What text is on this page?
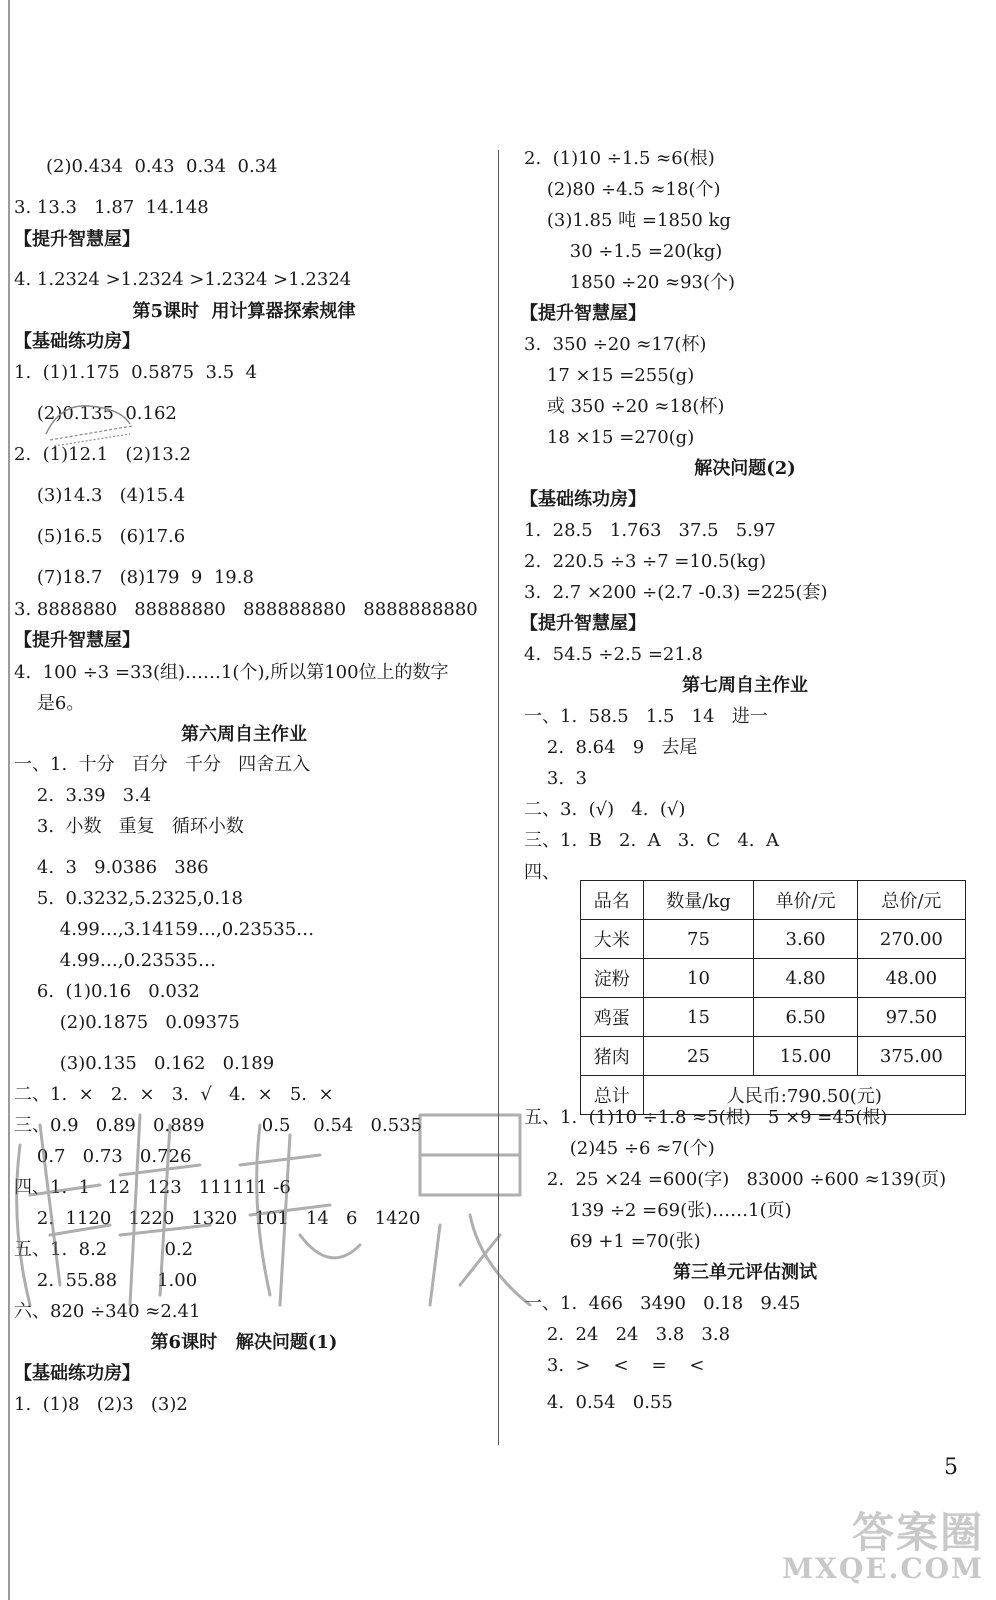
(2)0.434  0.43  0.34  0.34
3. 13.3   1.87  14.148
【提升智慧屋】
4. 1.2324 >1.2324 >1.2324 >1.2324
第5课时  用计算器探索规律
【基础练功房】
1.  (1)1.175  0.5875  3.5  4
(2)0.135  0.162
2.  (1)12.1   (2)13.2
(3)14.3   (4)15.4
(5)16.5   (6)17.6
(7)18.7   (8)179  9  19.8
3. 8888880   88888880   888888880   8888888880
【提升智慧屋】
4.  100 ÷3 =33(组)……1(个),所以第100位上的数字
是6。
第六周自主作业
一、1.  十分   百分   千分   四舍五入
2.  3.39   3.4
3.  小数   重复   循环小数
4.  3   9.0386   386
5.  0.3232,5.2325,0.18
4.99…,3.14159…,0.23535…
4.99…,0.23535…
6.  (1)0.16   0.032
(2)0.1875   0.09375
(3)0.135   0.162   0.189
二、1.  ×   2.  ×   3.  √   4.  ×   5.  ×
三、0.9   0.89   0.889          0.5    0.54   0.535
0.7   0.73   0.726
四、1.  1   12   123   111111 -6
2.  1120   1220   1320   101   14   6   1420
五、1.  8.2          0.2
2.  55.88       1.00
六、820 ÷340 ≈2.41
第6课时   解决问题(1)
【基础练功房】
1.  (1)8   (2)3   (3)2
2.  (1)10 ÷1.5 ≈6(根)
(2)80 ÷4.5 ≈18(个)
(3)1.85 吨 =1850 kg
30 ÷1.5 =20(kg)
1850 ÷20 ≈93(个)
【提升智慧屋】
3.  350 ÷20 ≈17(杯)
17 ×15 =255(g)
或 350 ÷20 ≈18(杯)
18 ×15 =270(g)
解决问题(2)
【基础练功房】
1.  28.5   1.763   37.5   5.97
2.  220.5 ÷3 ÷7 =10.5(kg)
3.  2.7 ×200 ÷(2.7 -0.3) =225(套)
【提升智慧屋】
4.  54.5 ÷2.5 =21.8
第七周自主作业
一、1.  58.5   1.5   14   进一
2.  8.64   9   去尾
3.  3
二、3.  (√)   4.  (√)
三、1.  B   2.  A   3.  C   4.  A
四、
五、1.  (1)10 ÷1.8 ≈5(根)   5 ×9 =45(根)
(2)45 ÷6 ≈7(个)
2.  25 ×24 =600(字)   83000 ÷600 ≈139(页)
139 ÷2 =69(张)……1(页)
69 +1 =70(张)
第三单元评估测试
一、1.  466   3490   0.18   9.45
2.  24   24   3.8   3.8
3.  >    <    =    <
4.  0.54   0.55
品名	数量/kg	单价/元	总价/元
大米	75	3.60	270.00
淀粉	10	4.80	48.00
鸡蛋	15	6.50	97.50
猪肉	25	15.00	375.00
总计	人民币:790.50(元)		
5
答案圈
MXQE.COM
